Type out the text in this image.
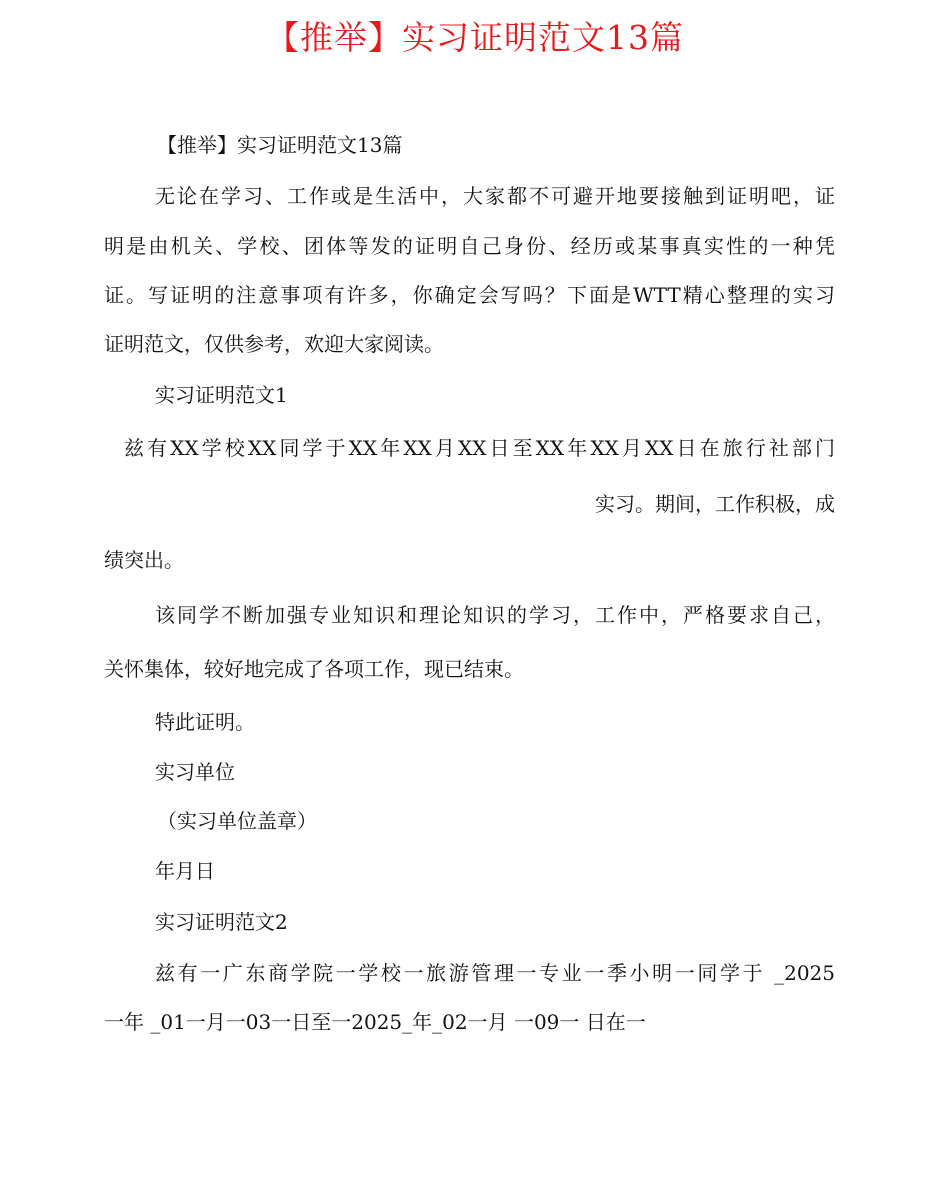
【推举】实习证明范文13篇
【推举】实习证明范文13篇
无论在学习、工作或是生活中，大家都不可避开地要接触到证明吧，证
明是由机关、学校、团体等发的证明自己身份、经历或某事真实性的一种凭
证。写证明的注意事项有许多，你确定会写吗？下面是WTT精心整理的实习
证明范文，仅供参考，欢迎大家阅读。
实习证明范文1
兹有XX学校XX同学于XX年XX月XX日至XX年XX月XX日在旅行社部门
实习。期间，工作积极，成
绩突出。
该同学不断加强专业知识和理论知识的学习，工作中，严格要求自己，
关怀集体，较好地完成了各项工作，现已结束。
特此证明。
实习单位
（实习单位盖章）
年月日
实习证明范文2
兹有一广东商学院一学校一旅游管理一专业一季小明一同学于 _2025
一年 _01一月一03一日至一2025_年_02一月 一09一 日在一
